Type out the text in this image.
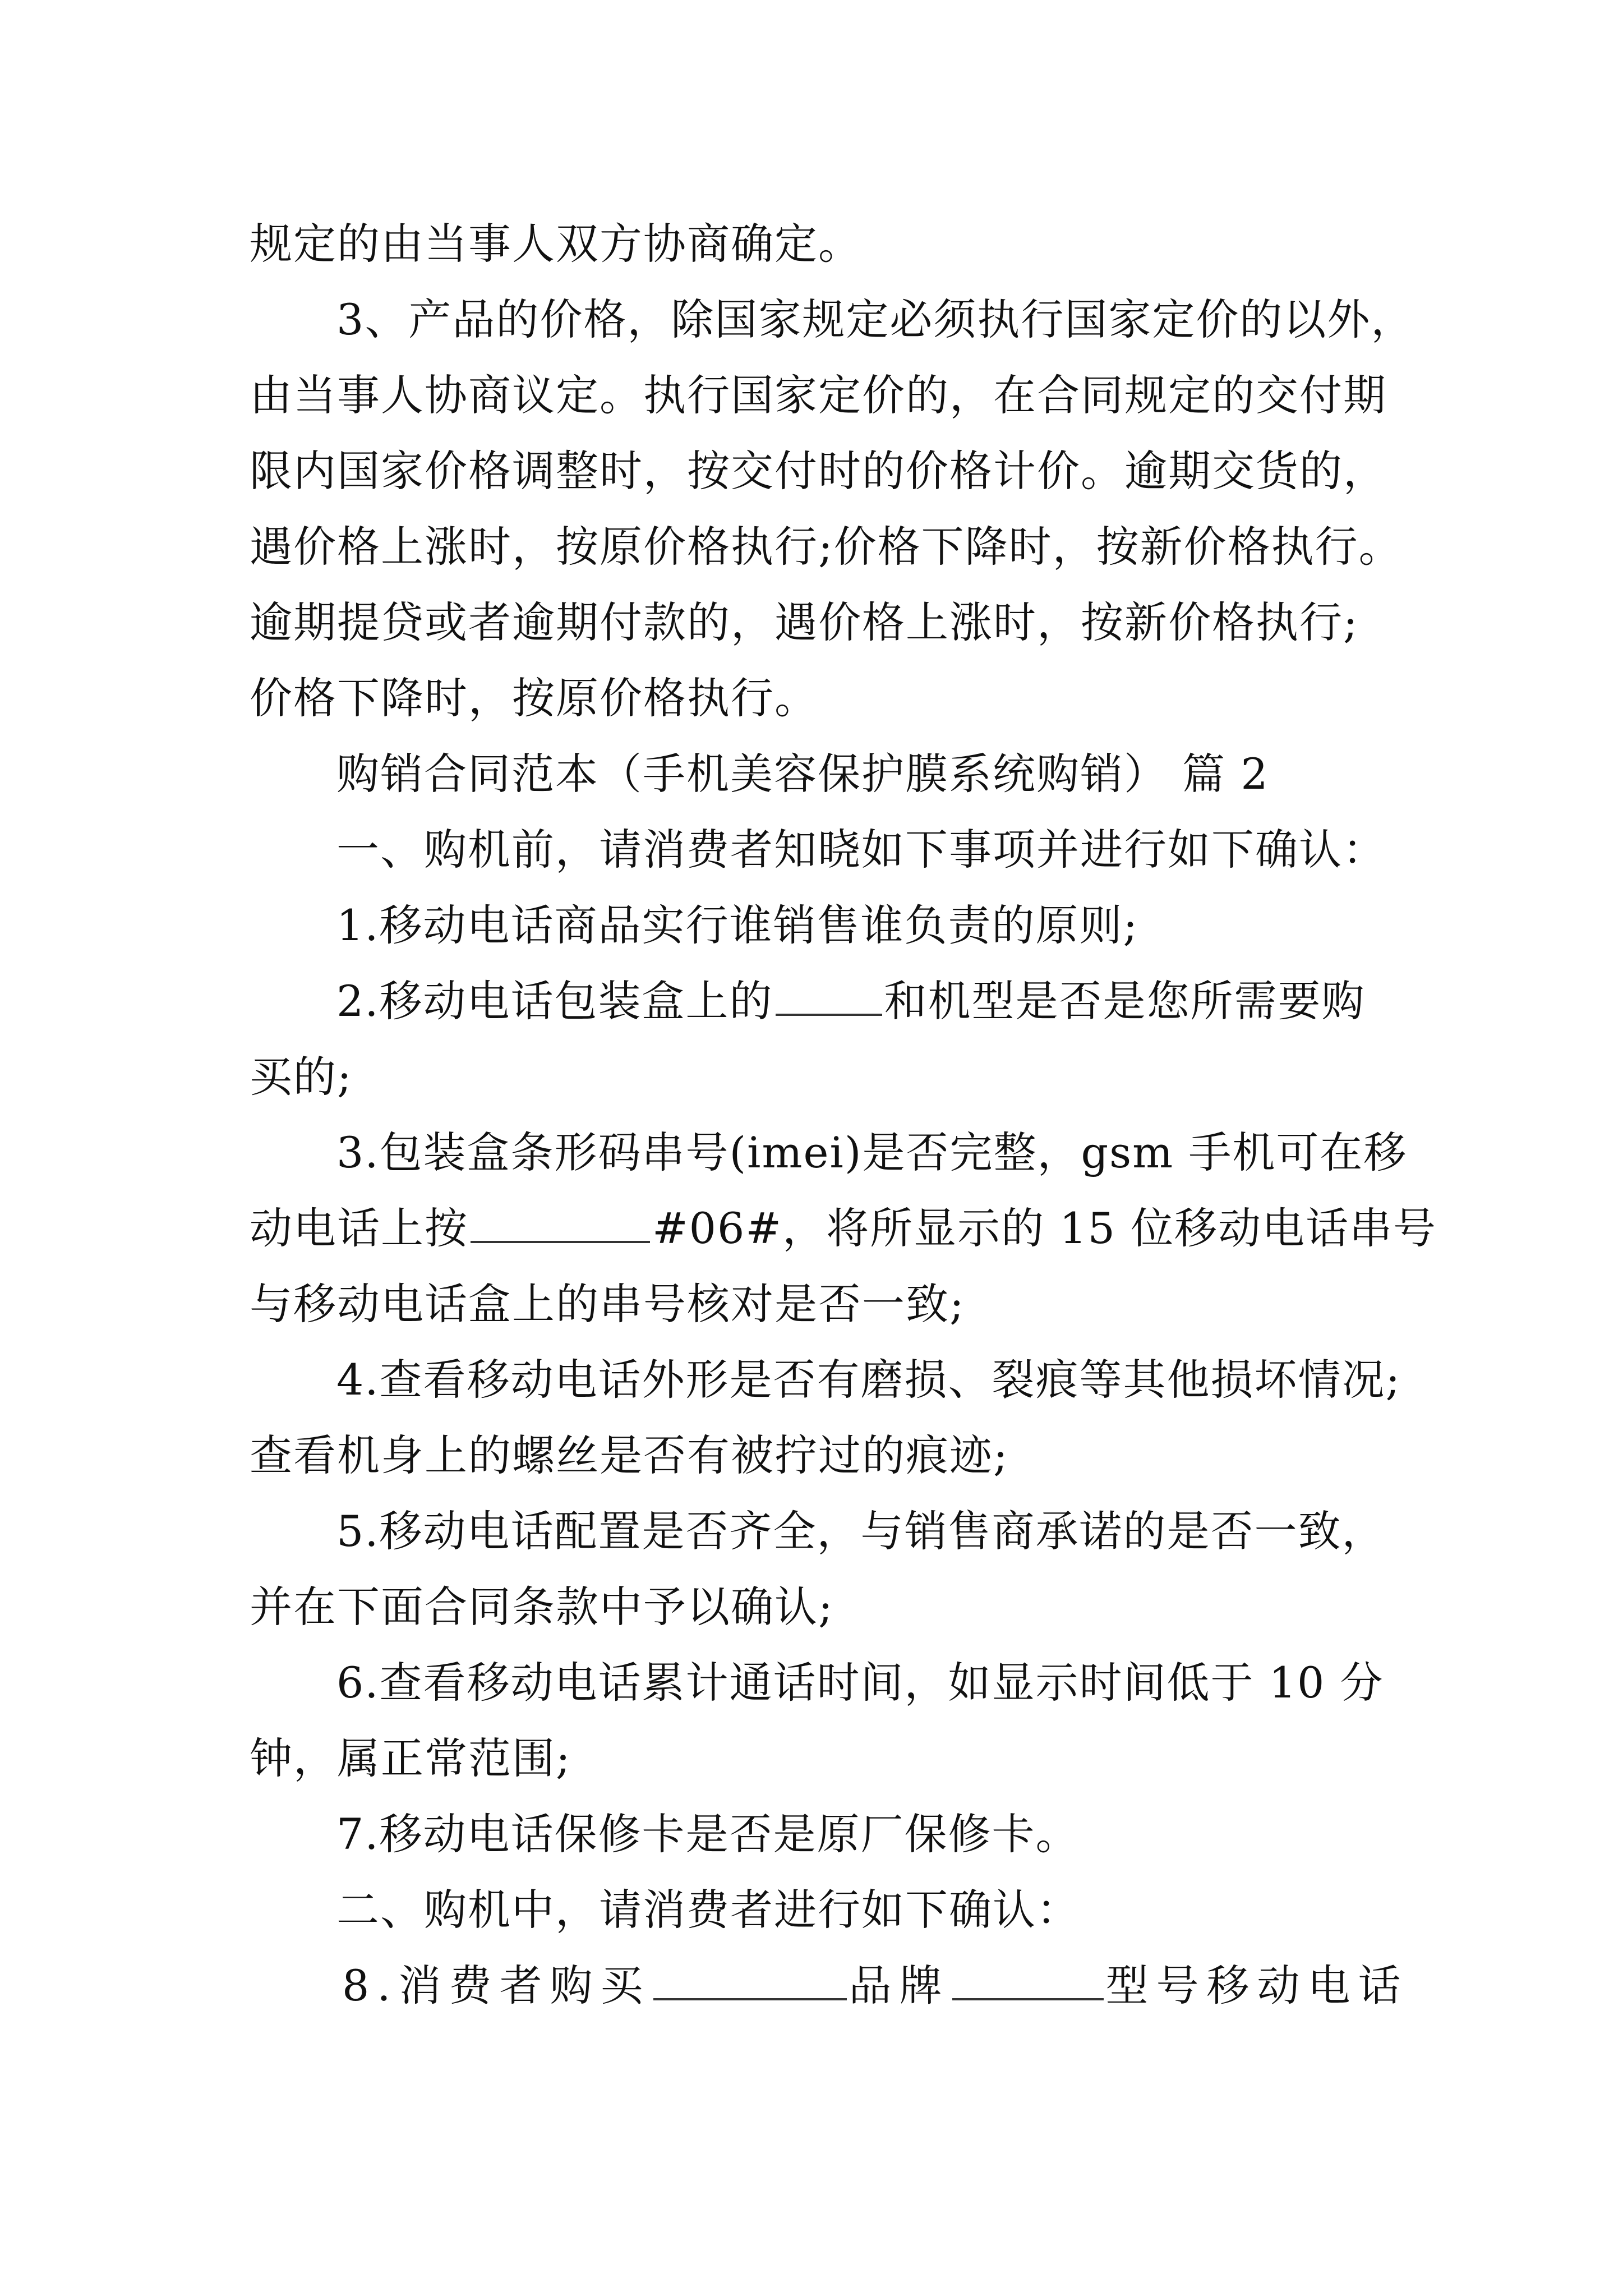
规定的由当事人双方协商确定。
3、产品的价格，除国家规定必须执行国家定价的以外，
由当事人协商议定。执行国家定价的，在合同规定的交付期
限内国家价格调整时，按交付时的价格计价。逾期交货的，
遇价格上涨时，按原价格执行;价格下降时，按新价格执行。
逾期提贷或者逾期付款的，遇价格上涨时，按新价格执行;
价格下降时，按原价格执行。
购销合同范本（手机美容保护膜系统购销） 篇 2
一、购机前，请消费者知晓如下事项并进行如下确认：
1.移动电话商品实行谁销售谁负责的原则;
2.移动电话包装盒上的	和机型是否是您所需要购
买的;
3.包装盒条形码串号(imei)是否完整，gsm 手机可在移
动电话上按	#06#，将所显示的 15 位移动电话串号
与移动电话盒上的串号核对是否一致;
4.查看移动电话外形是否有磨损、裂痕等其他损坏情况;
查看机身上的螺丝是否有被拧过的痕迹;
5.移动电话配置是否齐全，与销售商承诺的是否一致，
并在下面合同条款中予以确认;
6.查看移动电话累计通话时间，如显示时间低于 10 分
钟，属正常范围;
7.移动电话保修卡是否是原厂保修卡。
二、购机中，请消费者进行如下确认：
8.消费者购买	品牌	型号移动电话
